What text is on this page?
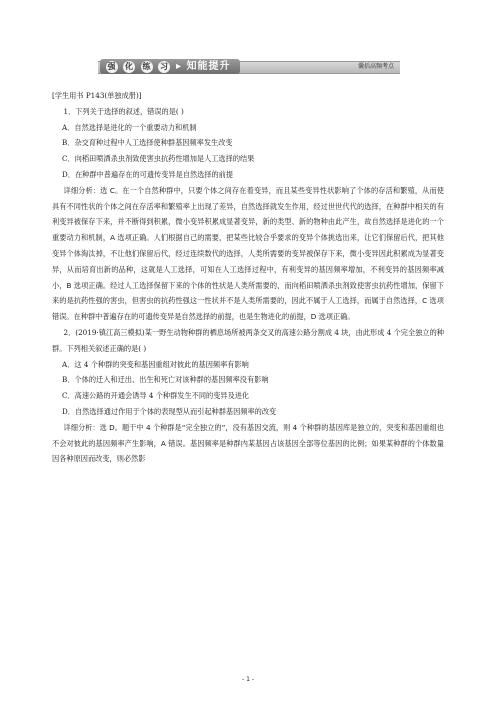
强 化 练 习 ▸ 知能提升	囊括高频考点

[学生用书 P143(单独成册)]

1．下列关于选择的叙述，错误的是( )

A．自然选择是进化的一个重要动力和机制

B．杂交育种过程中人工选择使种群基因频率发生改变

C．向稻田喷洒杀虫剂致使害虫抗药性增加是人工选择的结果

D．在种群中普遍存在的可遗传变异是自然选择的前提

详细分析：选 C。在一个自然种群中，只要个体之间存在着变异，而且某些变异性状影响了个体的存活和繁殖，从而使具有不同性状的个体之间在存活率和繁殖率上出现了差异，自然选择就发生作用，经过世世代代的选择，在种群中相关的有利变异被保存下来，并不断得到积累，微小变异积累成显著变异，新的类型、新的物种由此产生，故自然选择是进化的一个重要动力和机制，A 选项正确。人们根据自己的需要，把某些比较合乎要求的变异个体挑选出来，让它们保留后代，把其他变异个体淘汰掉，不让他们保留后代，经过连续数代的选择，人类所需要的变异被保存下来，微小变异因此积累成为显著变异，从而培育出新的品种，这就是人工选择，可知在人工选择过程中，有利变异的基因频率增加，不利变异的基因频率减小，B 选项正确。经过人工选择保留下来的个体的性状是人类所需要的，而向稻田喷洒杀虫剂致使害虫抗药性增加，保留下来的是抗药性强的害虫，但害虫的抗药性强这一性状并不是人类所需要的，因此不属于人工选择，而属于自然选择，C 选项错误。在种群中普遍存在的可遗传变异是自然选择的前提，也是生物进化的前提，D 选项正确。

2．(2019·镇江高三模拟)某一野生动物种群的栖息场所被两条交叉的高速公路分割成 4 块，由此形成 4 个完全独立的种群。下列相关叙述正确的是( )

A．这 4 个种群的突变和基因重组对彼此的基因频率有影响

B．个体的迁入和迁出、出生和死亡对该种群的基因频率没有影响

C．高速公路的开通会诱导 4 个种群发生不同的变异及进化

D．自然选择通过作用于个体的表现型从而引起种群基因频率的改变

详细分析：选 D。题干中 4 个种群是“完全独立的”，没有基因交流，则 4 个种群的基因库是独立的，突变和基因重组也不会对彼此的基因频率产生影响，A 错误。基因频率是种群内某基因占该基因全部等位基因的比例；如果某种群的个体数量因各种原因而改变，则必然影

- 1 -
